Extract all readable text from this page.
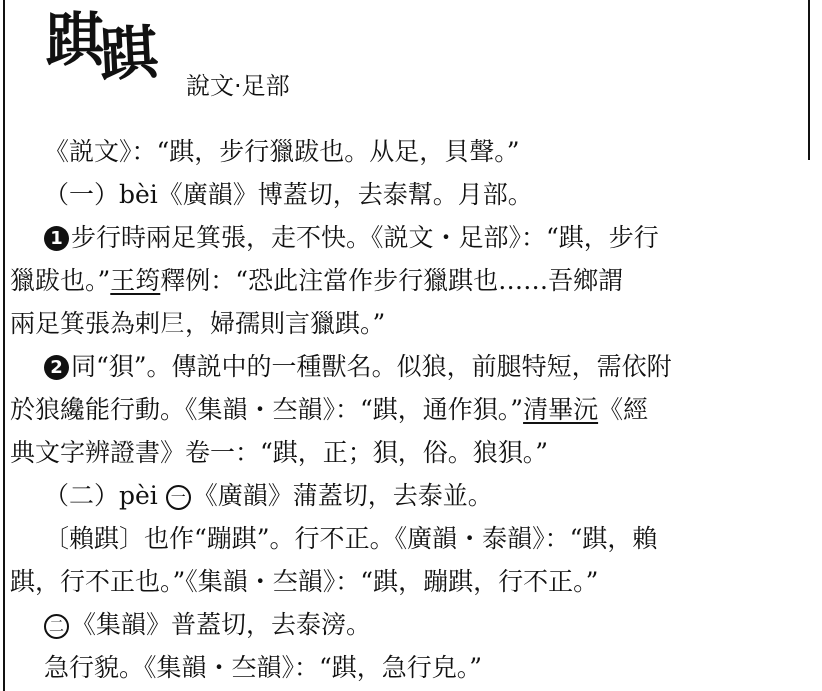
踑踑 說文·足部

《説文》：“踑，步行獵跋也。从足，貝聲。”

（一）bèi《廣韻》博蓋切，去泰幫。月部。

1 步行時兩足箕張，走不快。《説文・足部》：“踑，步行

獵跋也。”王筠釋例：“恐此注當作步行獵踑也……吾鄉謂

兩足箕張為剌𡰥，婦孺則言獵踑。”

2 同“狽”。傳説中的一種獸名。似狼，前腿特短，需依附

於狼纔能行動。《集韻・夳韻》：“踑，通作狽。”清畢沅《經

典文字辨證書》卷一：“踑，正；狽，俗。狼狽。”

（二）pèi 一 《廣韻》蒲蓋切，去泰並。

〔賴踑〕也作“蹦踑”。行不正。《廣韻・泰韻》：“踑，賴

踑，行不正也。”《集韻・夳韻》：“踑，蹦踑，行不正。”

二 《集韻》普蓋切，去泰滂。

急行貌。《集韻・夳韻》：“踑，急行皃。”
